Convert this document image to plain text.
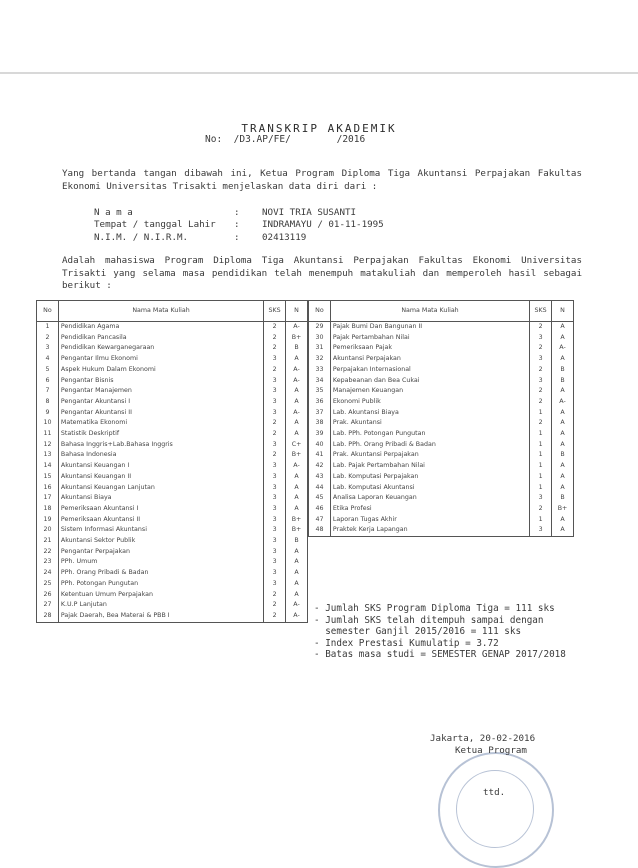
TRANSKRIP AKADEMIK
No: /D3.AP/FE/	/2016
Yang bertanda tangan dibawah ini, Ketua Program Diploma Tiga Akuntansi Perpajakan Fakultas Ekonomi Universitas Trisakti menjelaskan data diri dari :
N a m a	: NOVI TRIA SUSANTI
Tempat / tanggal Lahir : INDRAMAYU / 01-11-1995
N.I.M. / N.I.R.M.	: 02413119
Adalah mahasiswa Program Diploma Tiga Akuntansi Perpajakan Fakultas Ekonomi Universitas Trisakti yang selama masa pendidikan telah menempuh matakuliah dan memperoleh hasil sebagai berikut :
No	Nama Mata Kuliah	SKS	N
1	Pendidikan Agama	2	A-
2	Pendidikan Pancasila	2	B+
3	Pendidikan Kewarganegaraan	2	B
4	Pengantar Ilmu Ekonomi	3	A
5	Aspek Hukum Dalam Ekonomi	2	A-
6	Pengantar Bisnis	3	A-
7	Pengantar Manajemen	3	A
8	Pengantar Akuntansi I	3	A
9	Pengantar Akuntansi II	3	A-
10	Matematika Ekonomi	2	A
11	Statistik Deskriptif	2	A
12	Bahasa Inggris+Lab.Bahasa Inggris	3	C+
13	Bahasa Indonesia	2	B+
14	Akuntansi Keuangan I	3	A-
15	Akuntansi Keuangan II	3	A
16	Akuntansi Keuangan Lanjutan	3	A
17	Akuntansi Biaya	3	A
18	Pemeriksaan Akuntansi I	3	A
19	Pemeriksaan Akuntansi II	3	B+
20	Sistem Informasi Akuntansi	3	B+
21	Akuntansi Sektor Publik	3	B
22	Pengantar Perpajakan	3	A
23	PPh. Umum	3	A
24	PPh. Orang Pribadi & Badan	3	A
25	PPh. Potongan Pungutan	3	A
26	Ketentuan Umum Perpajakan	2	A
27	K.U.P Lanjutan	2	A-
28	Pajak Daerah, Bea Materai & PBB I	2	A-
No	Nama Mata Kuliah	SKS	N
29	Pajak Bumi Dan Bangunan II	2	A
30	Pajak Pertambahan Nilai	3	A
31	Pemeriksaan Pajak	2	A-
32	Akuntansi Perpajakan	3	A
33	Perpajakan Internasional	2	B
34	Kepabeanan dan Bea Cukai	3	B
35	Manajemen Keuangan	2	A
36	Ekonomi Publik	2	A-
37	Lab. Akuntansi Biaya	1	A
38	Prak. Akuntansi	2	A
39	Lab. PPh. Potongan Pungutan	1	A
40	Lab. PPh. Orang Pribadi & Badan	1	A
41	Prak. Akuntansi Perpajakan	1	B
42	Lab. Pajak Pertambahan Nilai	1	A
43	Lab. Komputasi Perpajakan	1	A
44	Lab. Komputasi Akuntansi	1	A
45	Analisa Laporan Keuangan	3	B
46	Etika Profesi	2	B+
47	Laporan Tugas Akhir	1	A
48	Praktek Kerja Lapangan	3	A
- Jumlah SKS Program Diploma Tiga = 111 sks
- Jumlah SKS telah ditempuh sampai dengan
semester Ganjil 2015/2016 = 111 sks
- Index Prestasi Kumulatip = 3.72
- Batas masa studi = SEMESTER GENAP 2017/2018
Jakarta, 20-02-2016
Ketua Program
ttd.
